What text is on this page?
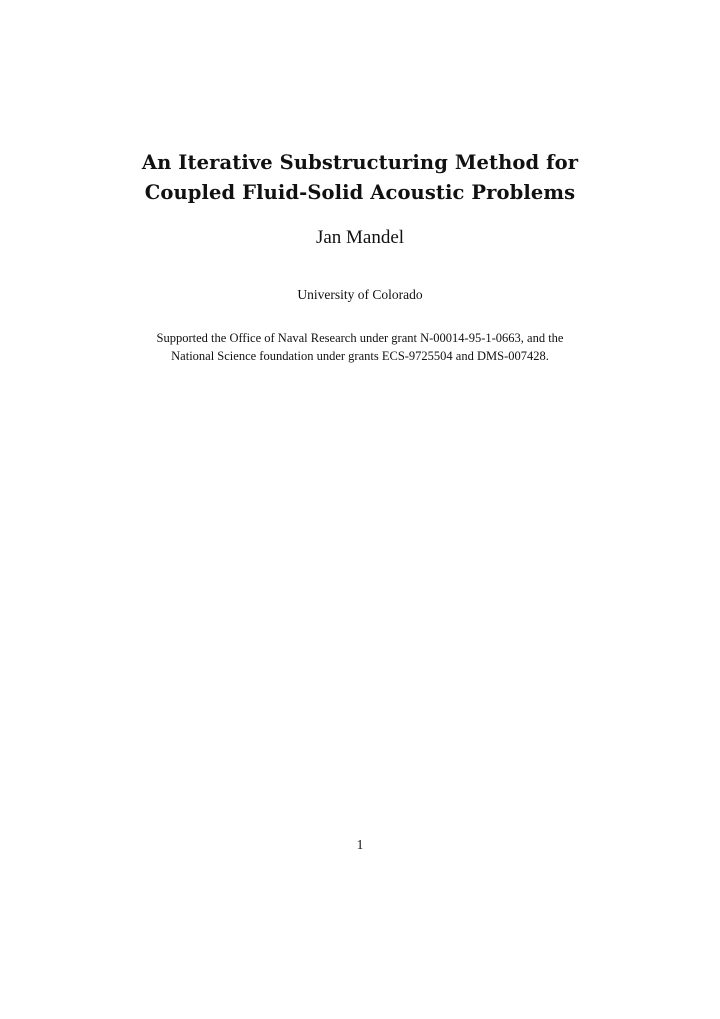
An Iterative Substructuring Method for
Coupled Fluid-Solid Acoustic Problems
Jan Mandel
University of Colorado
Supported the Office of Naval Research under grant N-00014-95-1-0663, and the
National Science foundation under grants ECS-9725504 and DMS-007428.
1
